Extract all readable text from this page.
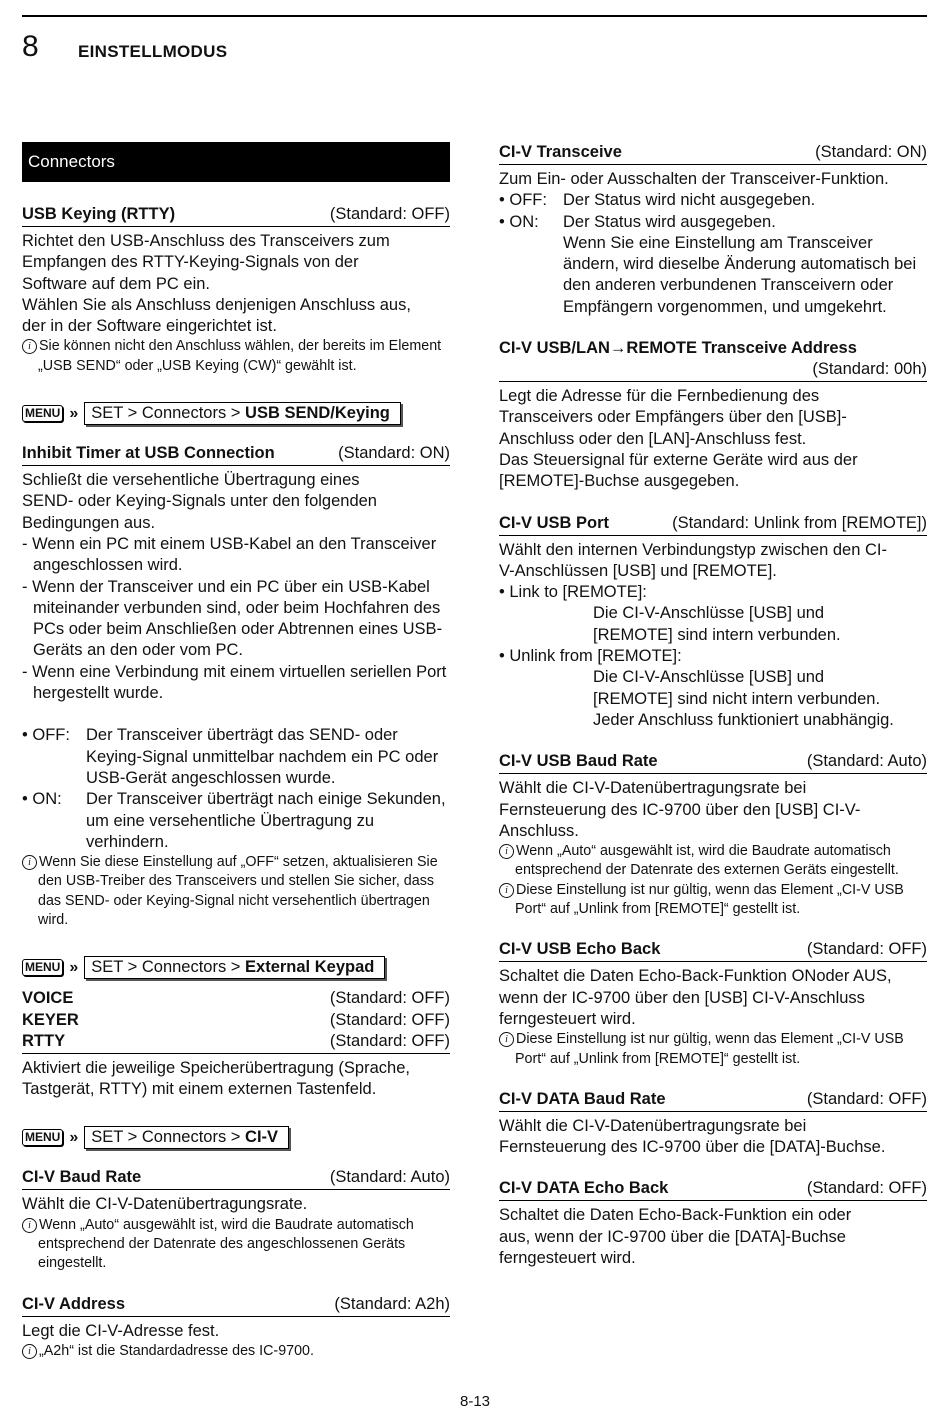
8 EINSTELLMODUS
Connectors
USB Keying (RTTY)	(Standard: OFF)

Richtet den USB-Anschluss des Transceivers zum

Empfangen des RTTY-Keying-Signals von der

Software auf dem PC ein.

Wählen Sie als Anschluss denjenigen Anschluss aus,

der in der Software eingerichtet ist.

i Sie können nicht den Anschluss wählen, der bereits im Element „USB SEND“ oder „USB Keying (CW)“ gewählt ist.

MENU » SET > Connectors > USB SEND/Keying
Inhibit Timer at USB Connection	(Standard: ON)

Schließt die versehentliche Übertragung eines

SEND- oder Keying-Signals unter den folgenden

Bedingungen aus.

- Wenn ein PC mit einem USB-Kabel an den Transceiver angeschlossen wird.

- Wenn der Transceiver und ein PC über ein USB-Kabel miteinander verbunden sind, oder beim Hochfahren des PCs oder beim Anschließen oder Abtrennen eines USB-Geräts an den oder vom PC.

- Wenn eine Verbindung mit einem virtuellen seriellen Port hergestellt wurde.

• OFF: Der Transceiver überträgt das SEND- oder Keying-Signal unmittelbar nachdem ein PC oder USB-Gerät angeschlossen wurde.
• ON:	Der Transceiver überträgt nach einige Sekunden, um eine versehentliche Übertragung zu verhindern.

i Wenn Sie diese Einstellung auf „OFF“ setzen, aktualisieren Sie den USB-Treiber des Transceivers und stellen Sie sicher, dass das SEND- oder Keying-Signal nicht versehentlich übertragen wird.

MENU » SET > Connectors > External Keypad
VOICE	(Standard: OFF)
KEYER	(Standard: OFF)
RTTY	(Standard: OFF)

Aktiviert die jeweilige Speicherübertragung (Sprache, Tastgerät, RTTY) mit einem externen Tastenfeld.

MENU » SET > Connectors > CI-V
CI-V Baud Rate	(Standard: Auto)

Wählt die CI-V-Datenübertragungsrate.

i Wenn „Auto“ ausgewählt ist, wird die Baudrate automatisch entsprechend der Datenrate des angeschlossenen Geräts eingestellt.

CI-V Address	(Standard: A2h)

Legt die CI-V-Adresse fest.

i „A2h“ ist die Standardadresse des IC-9700.

CI-V Transceive	(Standard: ON)

Zum Ein- oder Ausschalten der Transceiver-Funktion.

• OFF: Der Status wird nicht ausgegeben.
• ON:	Der Status wird ausgegeben.
Wenn Sie eine Einstellung am Transceiver ändern, wird dieselbe Änderung automatisch bei den anderen verbundenen Transceivern oder Empfängern vorgenommen, und umgekehrt.
CI-V USB/LAN→REMOTE Transceive Address
(Standard: 00h)

Legt die Adresse für die Fernbedienung des

Transceivers oder Empfängers über den [USB]-

Anschluss oder den [LAN]-Anschluss fest.

Das Steuersignal für externe Geräte wird aus der

[REMOTE]-Buchse ausgegeben.

CI-V USB Port	(Standard: Unlink from [REMOTE])

Wählt den internen Verbindungstyp zwischen den CI-

V-Anschlüssen [USB] und [REMOTE].

• Link to [REMOTE]:

Die CI-V-Anschlüsse [USB] und

[REMOTE] sind intern verbunden.

• Unlink from [REMOTE]:

Die CI-V-Anschlüsse [USB] und

[REMOTE] sind nicht intern verbunden.

Jeder Anschluss funktioniert unabhängig.

CI-V USB Baud Rate	(Standard: Auto)

Wählt die CI-V-Datenübertragungsrate bei

Fernsteuerung des IC-9700 über den [USB] CI-V-

Anschluss.

i Wenn „Auto“ ausgewählt ist, wird die Baudrate automatisch entsprechend der Datenrate des externen Geräts eingestellt.

i Diese Einstellung ist nur gültig, wenn das Element „CI-V USB Port“ auf „Unlink from [REMOTE]“ gestellt ist.

CI-V USB Echo Back	(Standard: OFF)

Schaltet die Daten Echo-Back-Funktion ONoder AUS,

wenn der IC-9700 über den [USB] CI-V-Anschluss

ferngesteuert wird.

i Diese Einstellung ist nur gültig, wenn das Element „CI-V USB Port“ auf „Unlink from [REMOTE]“ gestellt ist.

CI-V DATA Baud Rate	(Standard: OFF)

Wählt die CI-V-Datenübertragungsrate bei

Fernsteuerung des IC-9700 über die [DATA]-Buchse.

CI-V DATA Echo Back	(Standard: OFF)

Schaltet die Daten Echo-Back-Funktion ein oder

aus, wenn der IC-9700 über die [DATA]-Buchse

ferngesteuert wird.

8-13
